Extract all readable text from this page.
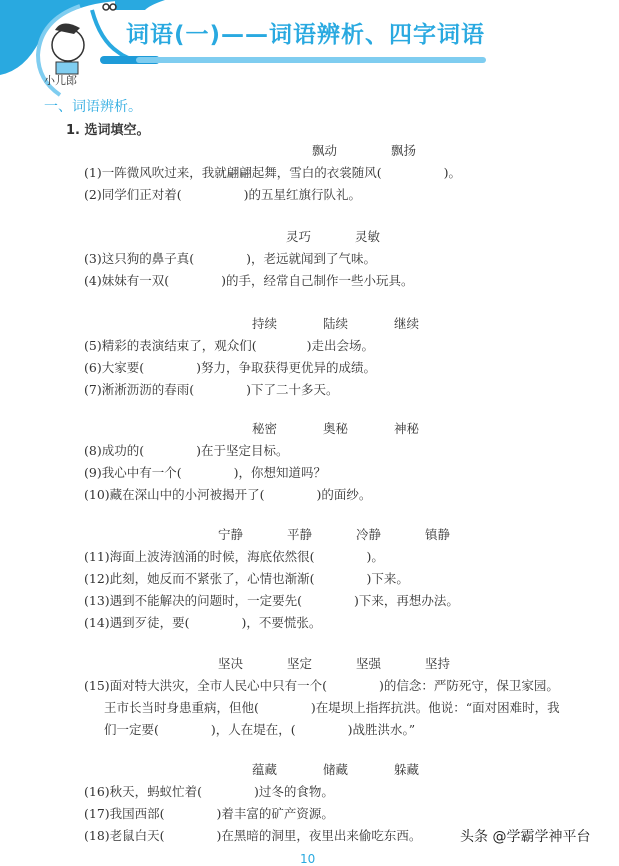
词语(一)——词语辨析、四字词语
小儿郎
一、词语辨析。
1. 选词填空。
飘动	飘扬
(1)一阵微风吹过来，我就翩翩起舞，雪白的衣裳随风(	)。
(2)同学们正对着(	)的五星红旗行队礼。
灵巧	灵敏
(3)这只狗的鼻子真(	)，老远就闻到了气味。
(4)妹妹有一双(	)的手，经常自己制作一些小玩具。
持续	陆续	继续
(5)精彩的表演结束了，观众们(	)走出会场。
(6)大家要(	)努力，争取获得更优异的成绩。
(7)淅淅沥沥的春雨(	)下了二十多天。
秘密	奥秘	神秘
(8)成功的(	)在于坚定目标。
(9)我心中有一个(	)，你想知道吗？
(10)藏在深山中的小河被揭开了(	)的面纱。
宁静	平静	冷静	镇静
(11)海面上波涛汹涌的时候，海底依然很(	)。
(12)此刻，她反而不紧张了，心情也渐渐(	)下来。
(13)遇到不能解决的问题时，一定要先(	)下来，再想办法。
(14)遇到歹徒，要(	)，不要慌张。
坚决	坚定	坚强	坚持
(15)面对特大洪灾，全市人民心中只有一个(	)的信念：严防死守，保卫家园。
王市长当时身患重病，但他(	)在堤坝上指挥抗洪。他说：“面对困难时，我
们一定要(	)，人在堤在，(	)战胜洪水。”
蕴藏	储藏	躲藏
(16)秋天，蚂蚁忙着(	)过冬的食物。
(17)我国西部(	)着丰富的矿产资源。
(18)老鼠白天(	)在黑暗的洞里，夜里出来偷吃东西。	头条 @学霸学神平台
10
